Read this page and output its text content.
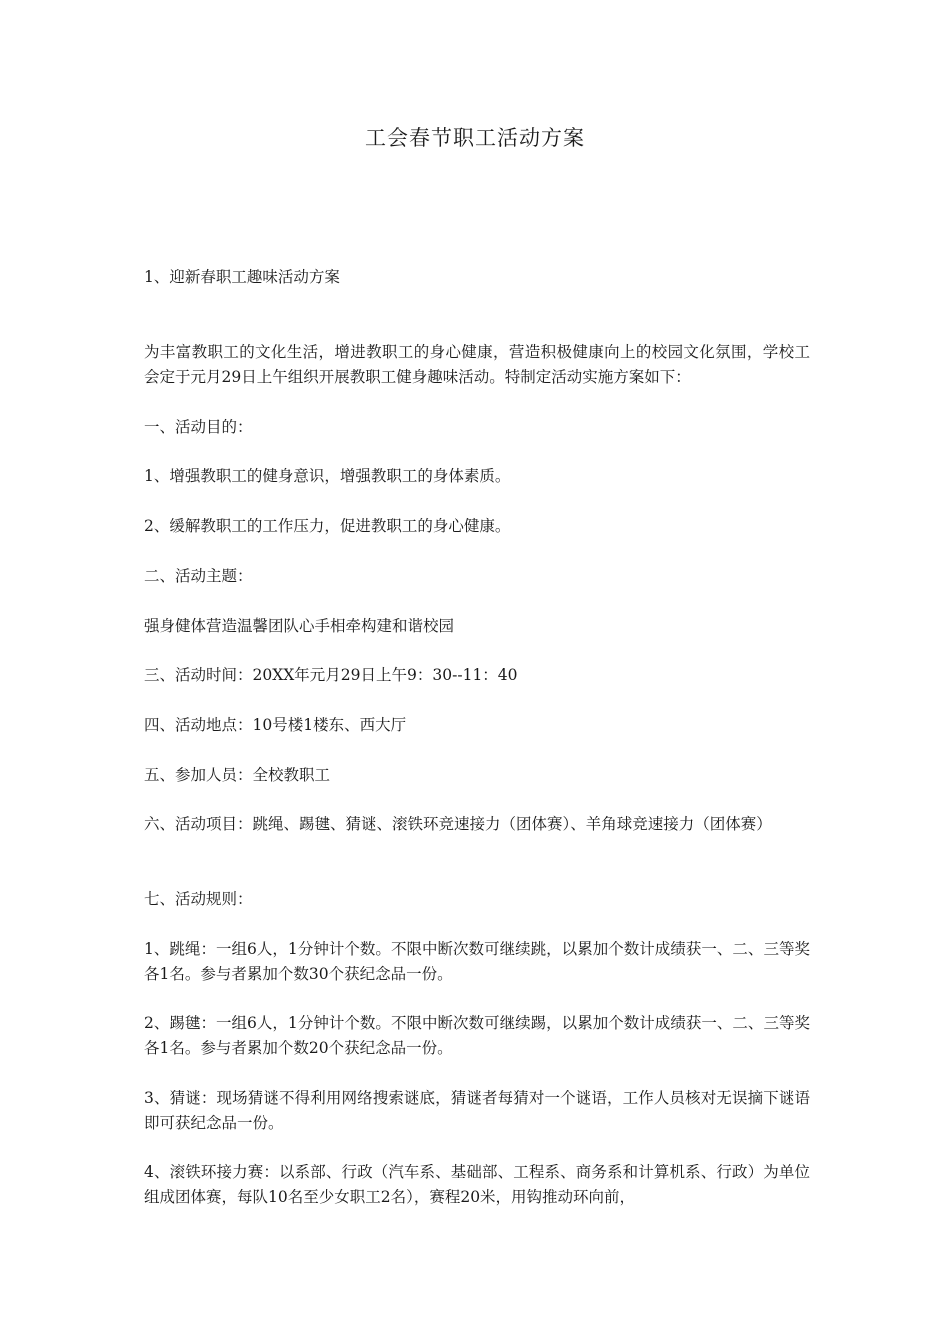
工会春节职工活动方案

1、迎新春职工趣味活动方案

为丰富教职工的文化生活，增进教职工的身心健康，营造积极健康向上的校园文化氛围，学校工会定于元月29日上午组织开展教职工健身趣味活动。特制定活动实施方案如下：

一、活动目的：

1、增强教职工的健身意识，增强教职工的身体素质。

2、缓解教职工的工作压力，促进教职工的身心健康。

二、活动主题：

强身健体营造温馨团队心手相牵构建和谐校园

三、活动时间：20XX年元月29日上午9：30--11：40

四、活动地点：10号楼1楼东、西大厅

五、参加人员：全校教职工

六、活动项目：跳绳、踢毽、猜谜、滚铁环竞速接力（团体赛）、羊角球竞速接力（团体赛）

七、活动规则：

1、跳绳：一组6人，1分钟计个数。不限中断次数可继续跳，以累加个数计成绩获一、二、三等奖各1名。参与者累加个数30个获纪念品一份。

2、踢毽：一组6人，1分钟计个数。不限中断次数可继续踢，以累加个数计成绩获一、二、三等奖各1名。参与者累加个数20个获纪念品一份。

3、猜谜：现场猜谜不得利用网络搜索谜底，猜谜者每猜对一个谜语，工作人员核对无误摘下谜语即可获纪念品一份。

4、滚铁环接力赛：以系部、行政（汽车系、基础部、工程系、商务系和计算机系、行政）为单位组成团体赛，每队10名至少女职工2名），赛程20米，用钩推动环向前，
